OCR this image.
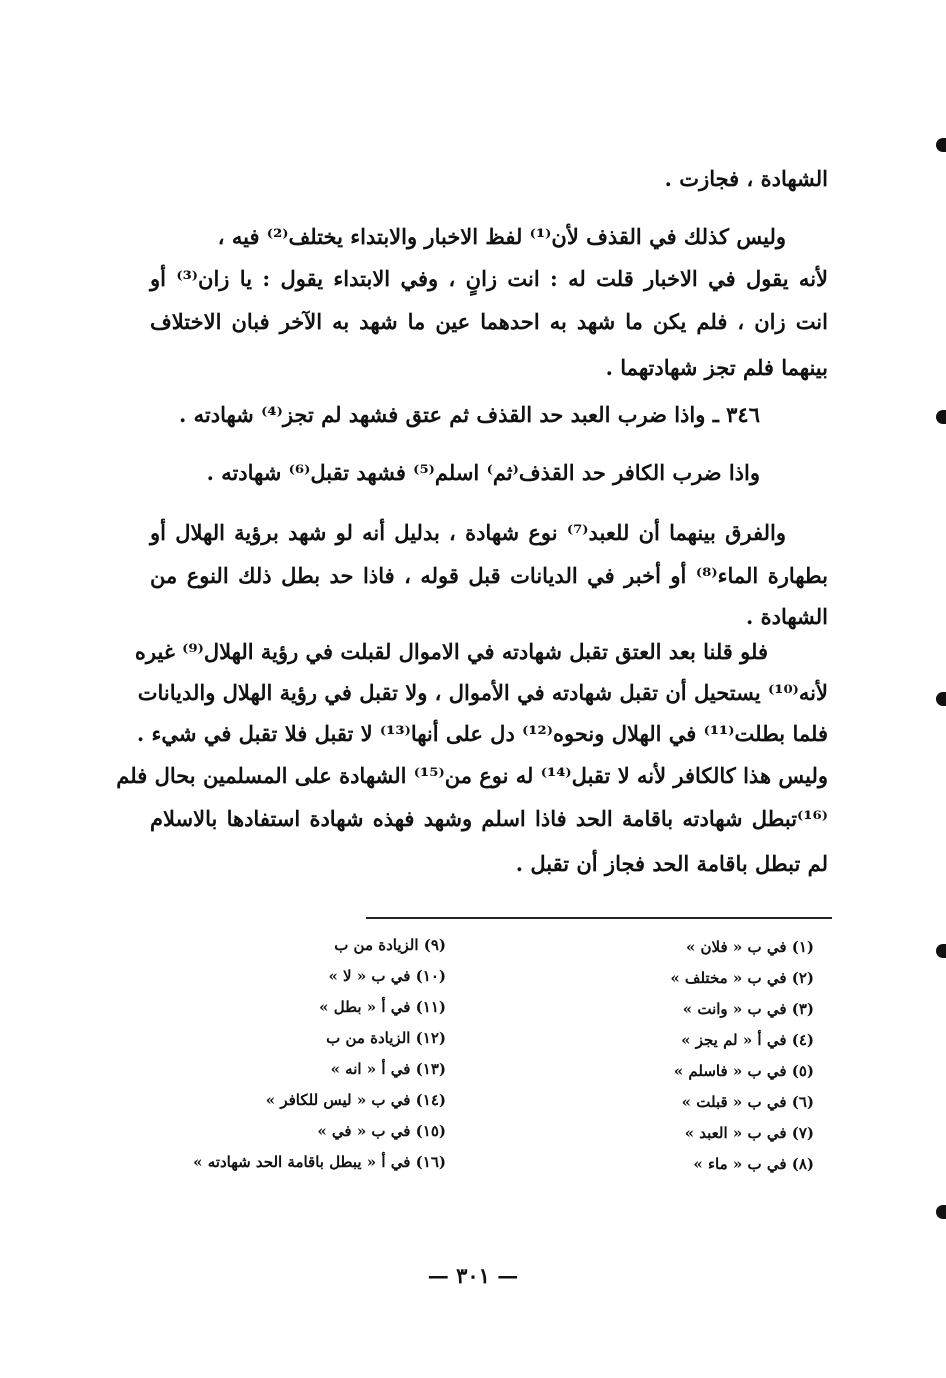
الشهادة ، فجازت .
وليس كذلك في القذف لأن⁽¹⁾ لفظ الاخبار والابتداء يختلف⁽²⁾ فيه ،
لأنه يقول في الاخبار قلت له : انت زانٍ ، وفي الابتداء يقول : يا زان⁽³⁾ أو
انت زان ، فلم يكن ما شهد به احدهما عين ما شهد به الآخر فبان الاختلاف
بينهما فلم تجز شهادتهما .
٣٤٦ ـ واذا ضرب العبد حد القذف ثم عتق فشهد لم تجز⁽⁴⁾ شهادته .
واذا ضرب الكافر حد القذف⁽ثم⁾ اسلم⁽⁵⁾ فشهد تقبل⁽⁶⁾ شهادته .
والفرق بينهما أن للعبد⁽⁷⁾ نوع شهادة ، بدليل أنه لو شهد برؤية الهلال أو
بطهارة الماء⁽⁸⁾ أو أخبر في الديانات قبل قوله ، فاذا حد بطل ذلك النوع من
الشهادة .
فلو قلنا بعد العتق تقبل شهادته في الاموال لقبلت في رؤية الهلال⁽⁹⁾ غيره
لأنه⁽¹⁰⁾ يستحيل أن تقبل شهادته في الأموال ، ولا تقبل في رؤية الهلال والديانات
فلما بطلت⁽¹¹⁾ في الهلال ونحوه⁽¹²⁾ دل على أنها⁽¹³⁾ لا تقبل فلا تقبل في شيء .
وليس هذا كالكافر لأنه لا تقبل⁽¹⁴⁾ له نوع من⁽¹⁵⁾ الشهادة على المسلمين بحال فلم
⁽¹⁶⁾تبطل شهادته باقامة الحد فاذا اسلم وشهد فهذه شهادة استفادها بالاسلام
لم تبطل باقامة الحد فجاز أن تقبل .
(١) في ب « فلان »
(٢) في ب « مختلف »
(٣) في ب « وانت »
(٤) في أ « لم يجز »
(٥) في ب « فاسلم »
(٦) في ب « قبلت »
(٧) في ب « العبد »
(٨) في ب « ماء »
(٩) الزيادة من ب
(١٠) في ب « لا »
(١١) في أ « بطل »
(١٢) الزيادة من ب
(١٣) في أ « انه »
(١٤) في ب « ليس للكافر »
(١٥) في ب « في »
(١٦) في أ « يبطل باقامة الحد شهادته »
— ٣٠١ —
